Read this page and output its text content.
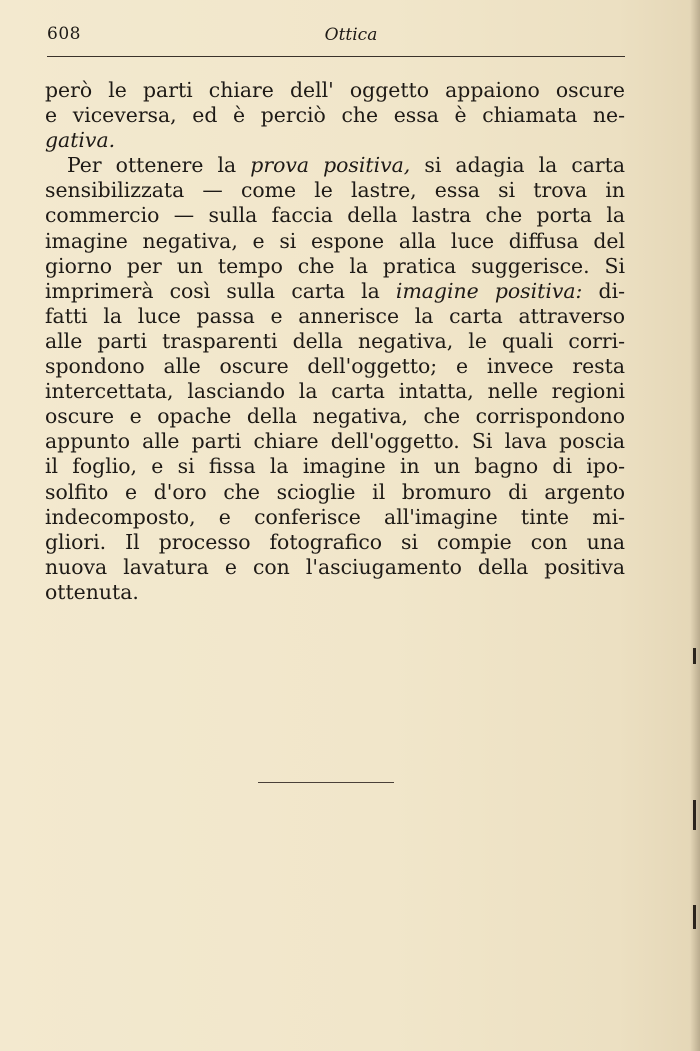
608	Ottica
però le parti chiare dell' oggetto appaiono oscure
e viceversa, ed è perciò che essa è chiamata ne-
gativa.
Per ottenere la prova positiva, si adagia la carta
sensibilizzata — come le lastre, essa si trova in
commercio — sulla faccia della lastra che porta la
imagine negativa, e si espone alla luce diffusa del
giorno per un tempo che la pratica suggerisce. Si
imprimerà così sulla carta la imagine positiva: di-
fatti la luce passa e annerisce la carta attraverso
alle parti trasparenti della negativa, le quali corri-
spondono alle oscure dell'oggetto; e invece resta
intercettata, lasciando la carta intatta, nelle regioni
oscure e opache della negativa, che corrispondono
appunto alle parti chiare dell'oggetto. Si lava poscia
il foglio, e si fissa la imagine in un bagno di ipo-
solfito e d'oro che scioglie il bromuro di argento
indecomposto, e conferisce all'imagine tinte mi-
gliori. Il processo fotografico si compie con una
nuova lavatura e con l'asciugamento della positiva
ottenuta.
